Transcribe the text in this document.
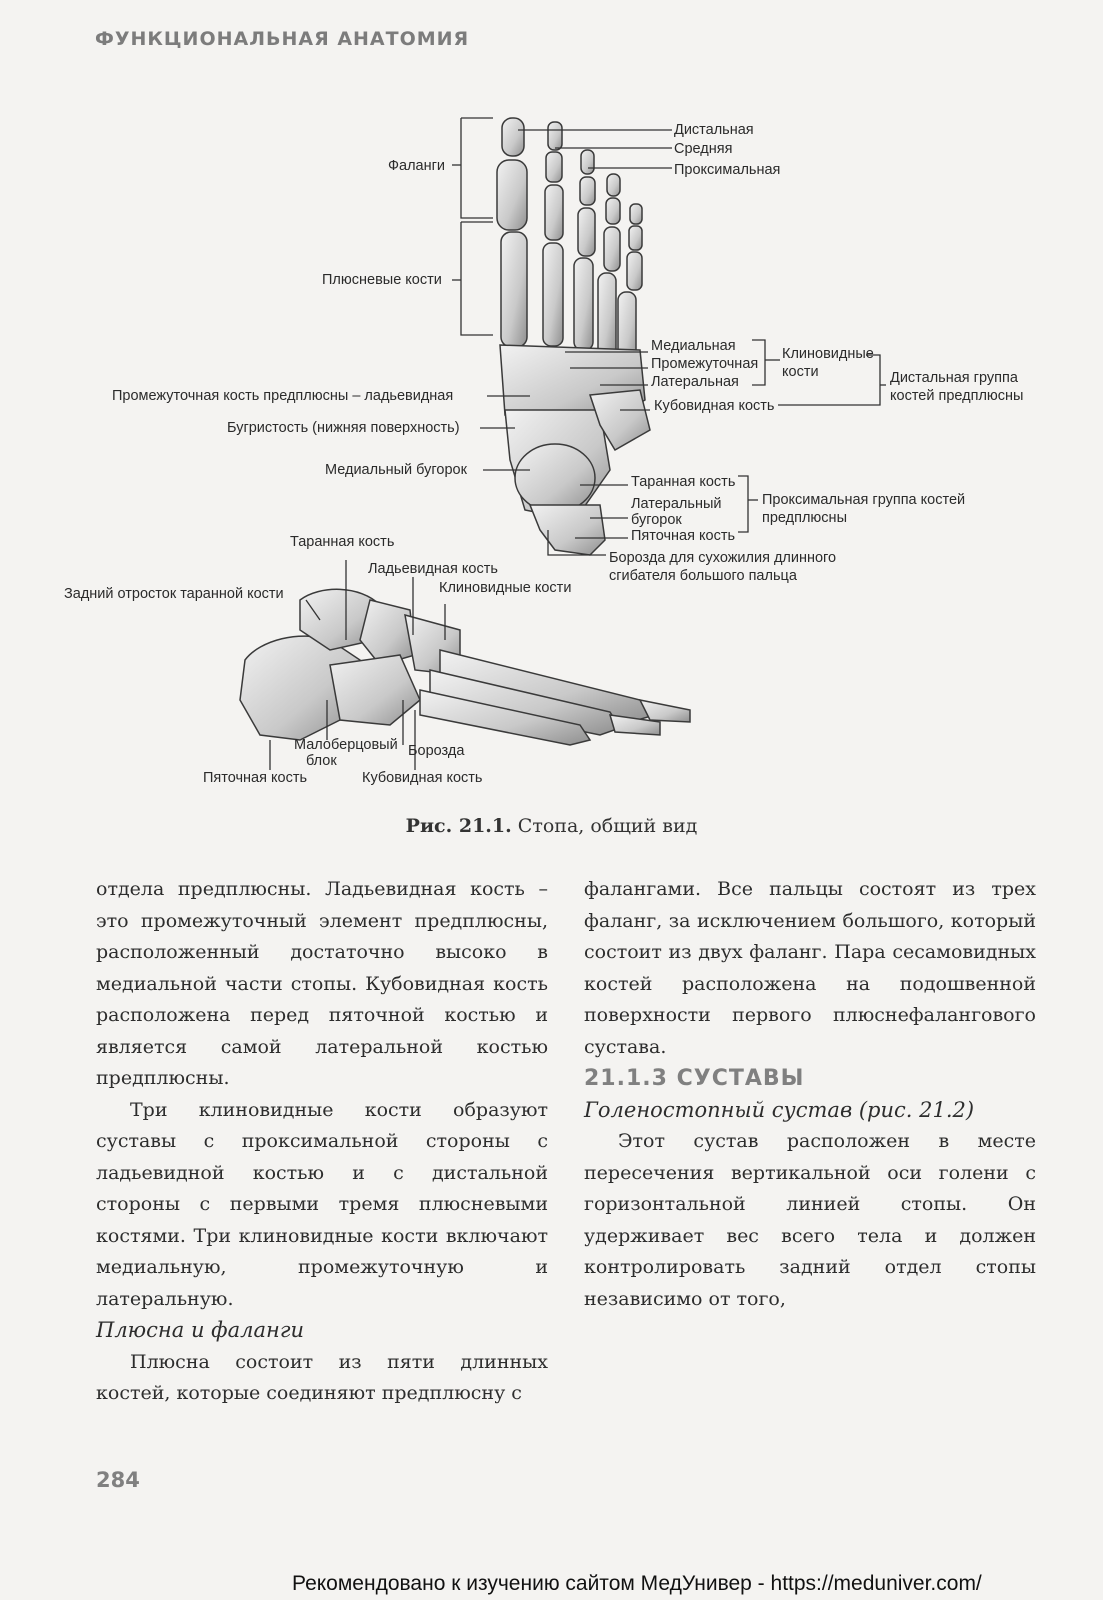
ФУНКЦИОНАЛЬНАЯ АНАТОМИЯ
Фаланги
Дистальная
Средняя
Проксимальная
Плюсневые кости
Медиальная
Промежуточная
Латеральная
Клиновидные
кости	Дистальная группа
костей предплюсны
Промежуточная кость предплюсны – ладьевидная
Кубовидная кость
Бугристость (нижняя поверхность)
Медиальный бугорок
Таранная кость
Латеральный
бугорок
Пяточная кость
Проксимальная группа костей
предплюсны
Борозда для сухожилия длинного
сгибателя большого пальца
Таранная кость
Ладьевидная кость
Клиновидные кости
Задний отросток таранной кости
Малоберцовый
блок
Борозда
Пяточная кость	Кубовидная кость
Рис. 21.1. Стопа, общий вид

отдела предплюсны. Ладьевидная кость – это промежуточный элемент предплюсны, расположенный достаточно высоко в медиальной части стопы. Кубовидная кость расположена перед пяточной костью и является самой латеральной костью предплюсны.

Три клиновидные кости образуют суставы с проксимальной стороны с ладьевидной костью и с дистальной стороны с первыми тремя плюсневыми костями. Три клиновидные кости включают медиальную, промежуточную и латеральную.

Плюсна и фаланги

Плюсна состоит из пяти длинных костей, которые соединяют предплюсну с

фалангами. Все пальцы состоят из трех фаланг, за исключением большого, который состоит из двух фаланг. Пара сесамовидных костей расположена на подошвенной поверхности первого плюснефалангового сустава.

21.1.3 СУСТАВЫ

Голеностопный сустав (рис. 21.2)

Этот сустав расположен в месте пересечения вертикальной оси голени с горизонтальной линией стопы. Он удерживает вес всего тела и должен контролировать задний отдел стопы независимо от того,

284
Рекомендовано к изучению сайтом МедУнивер - https://meduniver.com/
